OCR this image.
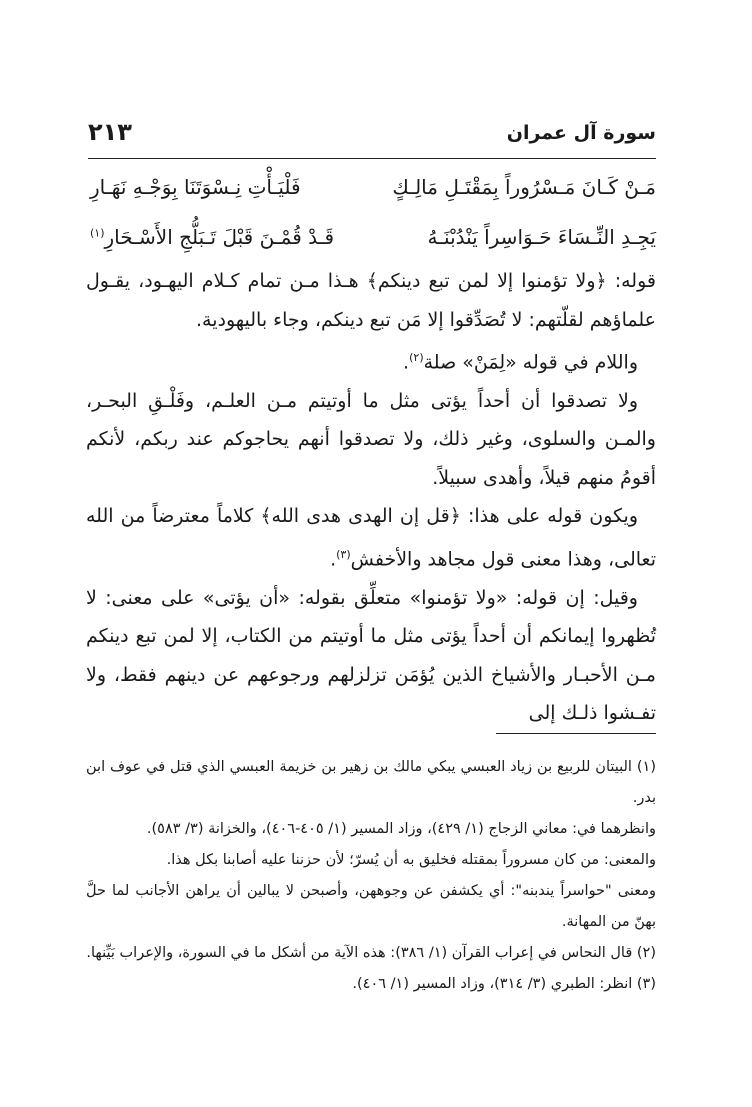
سورة آل عمران
٢١٣
مَـنْ كَـانَ مَـسْرُوراً بِمَقْتَـلِ مَالِـكٍ
فَلْيَـأْتِ نِـسْوَتَنَا بِوَجْـهِ نَهَـارِ
يَجِـدِ النِّـسَاءَ حَـوَاسِراً يَنْدُبْنَـهُ
قَـدْ قُمْـنَ قَبْلَ تَـبَلُّجِ الأَسْـحَارِ$^{(١)}$

قوله: ﴿ولا تؤمنوا إلا لمن تبع دينكم﴾ هـذا مـن تمام كـلام اليهـود، يقـول علماؤهم لقلّتهم: لا تُصَدِّقوا إلا مَن تبع دينكم، وجاء باليهودية.

واللام في قوله «لِمَنْ» صلة$^{(٢)}$.

ولا تصدقوا أن أحداً يؤتى مثل ما أوتيتم مـن العلـم، وفَلْـقِ البحـر، والمـن والسلوى، وغير ذلك، ولا تصدقوا أنهم يحاجوكم عند ربكم، لأنكم أقومُ منهم قيلاً، وأهدى سبيلاً.

ويكون قوله على هذا: ﴿قل إن الهدى هدى الله﴾ كلاماً معترضاً من الله تعالى، وهذا معنى قول مجاهد والأخفش$^{(٣)}$.

وقيل: إن قوله: «ولا تؤمنوا» متعلِّق بقوله: «أن يؤتى» على معنى: لا تُظهروا إيمانكم أن أحداً يؤتى مثل ما أوتيتم من الكتاب، إلا لمن تبع دينكم مـن الأحبـار والأشياخ الذين يُؤمَن تزلزلهم ورجوعهم عن دينهم فقط، ولا تفـشوا ذلـك إلى

(١) البيتان للربيع بن زياد العبسي يبكي مالك بن زهير بن خزيمة العبسي الذي قتل في عوف ابن بدر.

وانظرهما في: معاني الزجاج (١/ ٤٢٩)، وزاد المسير (١/ ٤٠٥-٤٠٦)، والخزانة (٣/ ٥٨٣).

والمعنى: من كان مسروراً بمقتله فخليق به أن يُسرّ؛ لأن حزننا عليه أصابنا بكل هذا.

ومعنى "حواسراً يندبنه": أي يكشفن عن وجوههن، وأصبحن لا يبالين أن يراهن الأجانب لما حلَّ بهنّ من المهانة.

(٢) قال النحاس في إعراب القرآن (١/ ٣٨٦): هذه الآية من أشكل ما في السورة، والإعراب بَيِّنها.

(٣) انظر: الطبري (٣/ ٣١٤)، وزاد المسير (١/ ٤٠٦).
